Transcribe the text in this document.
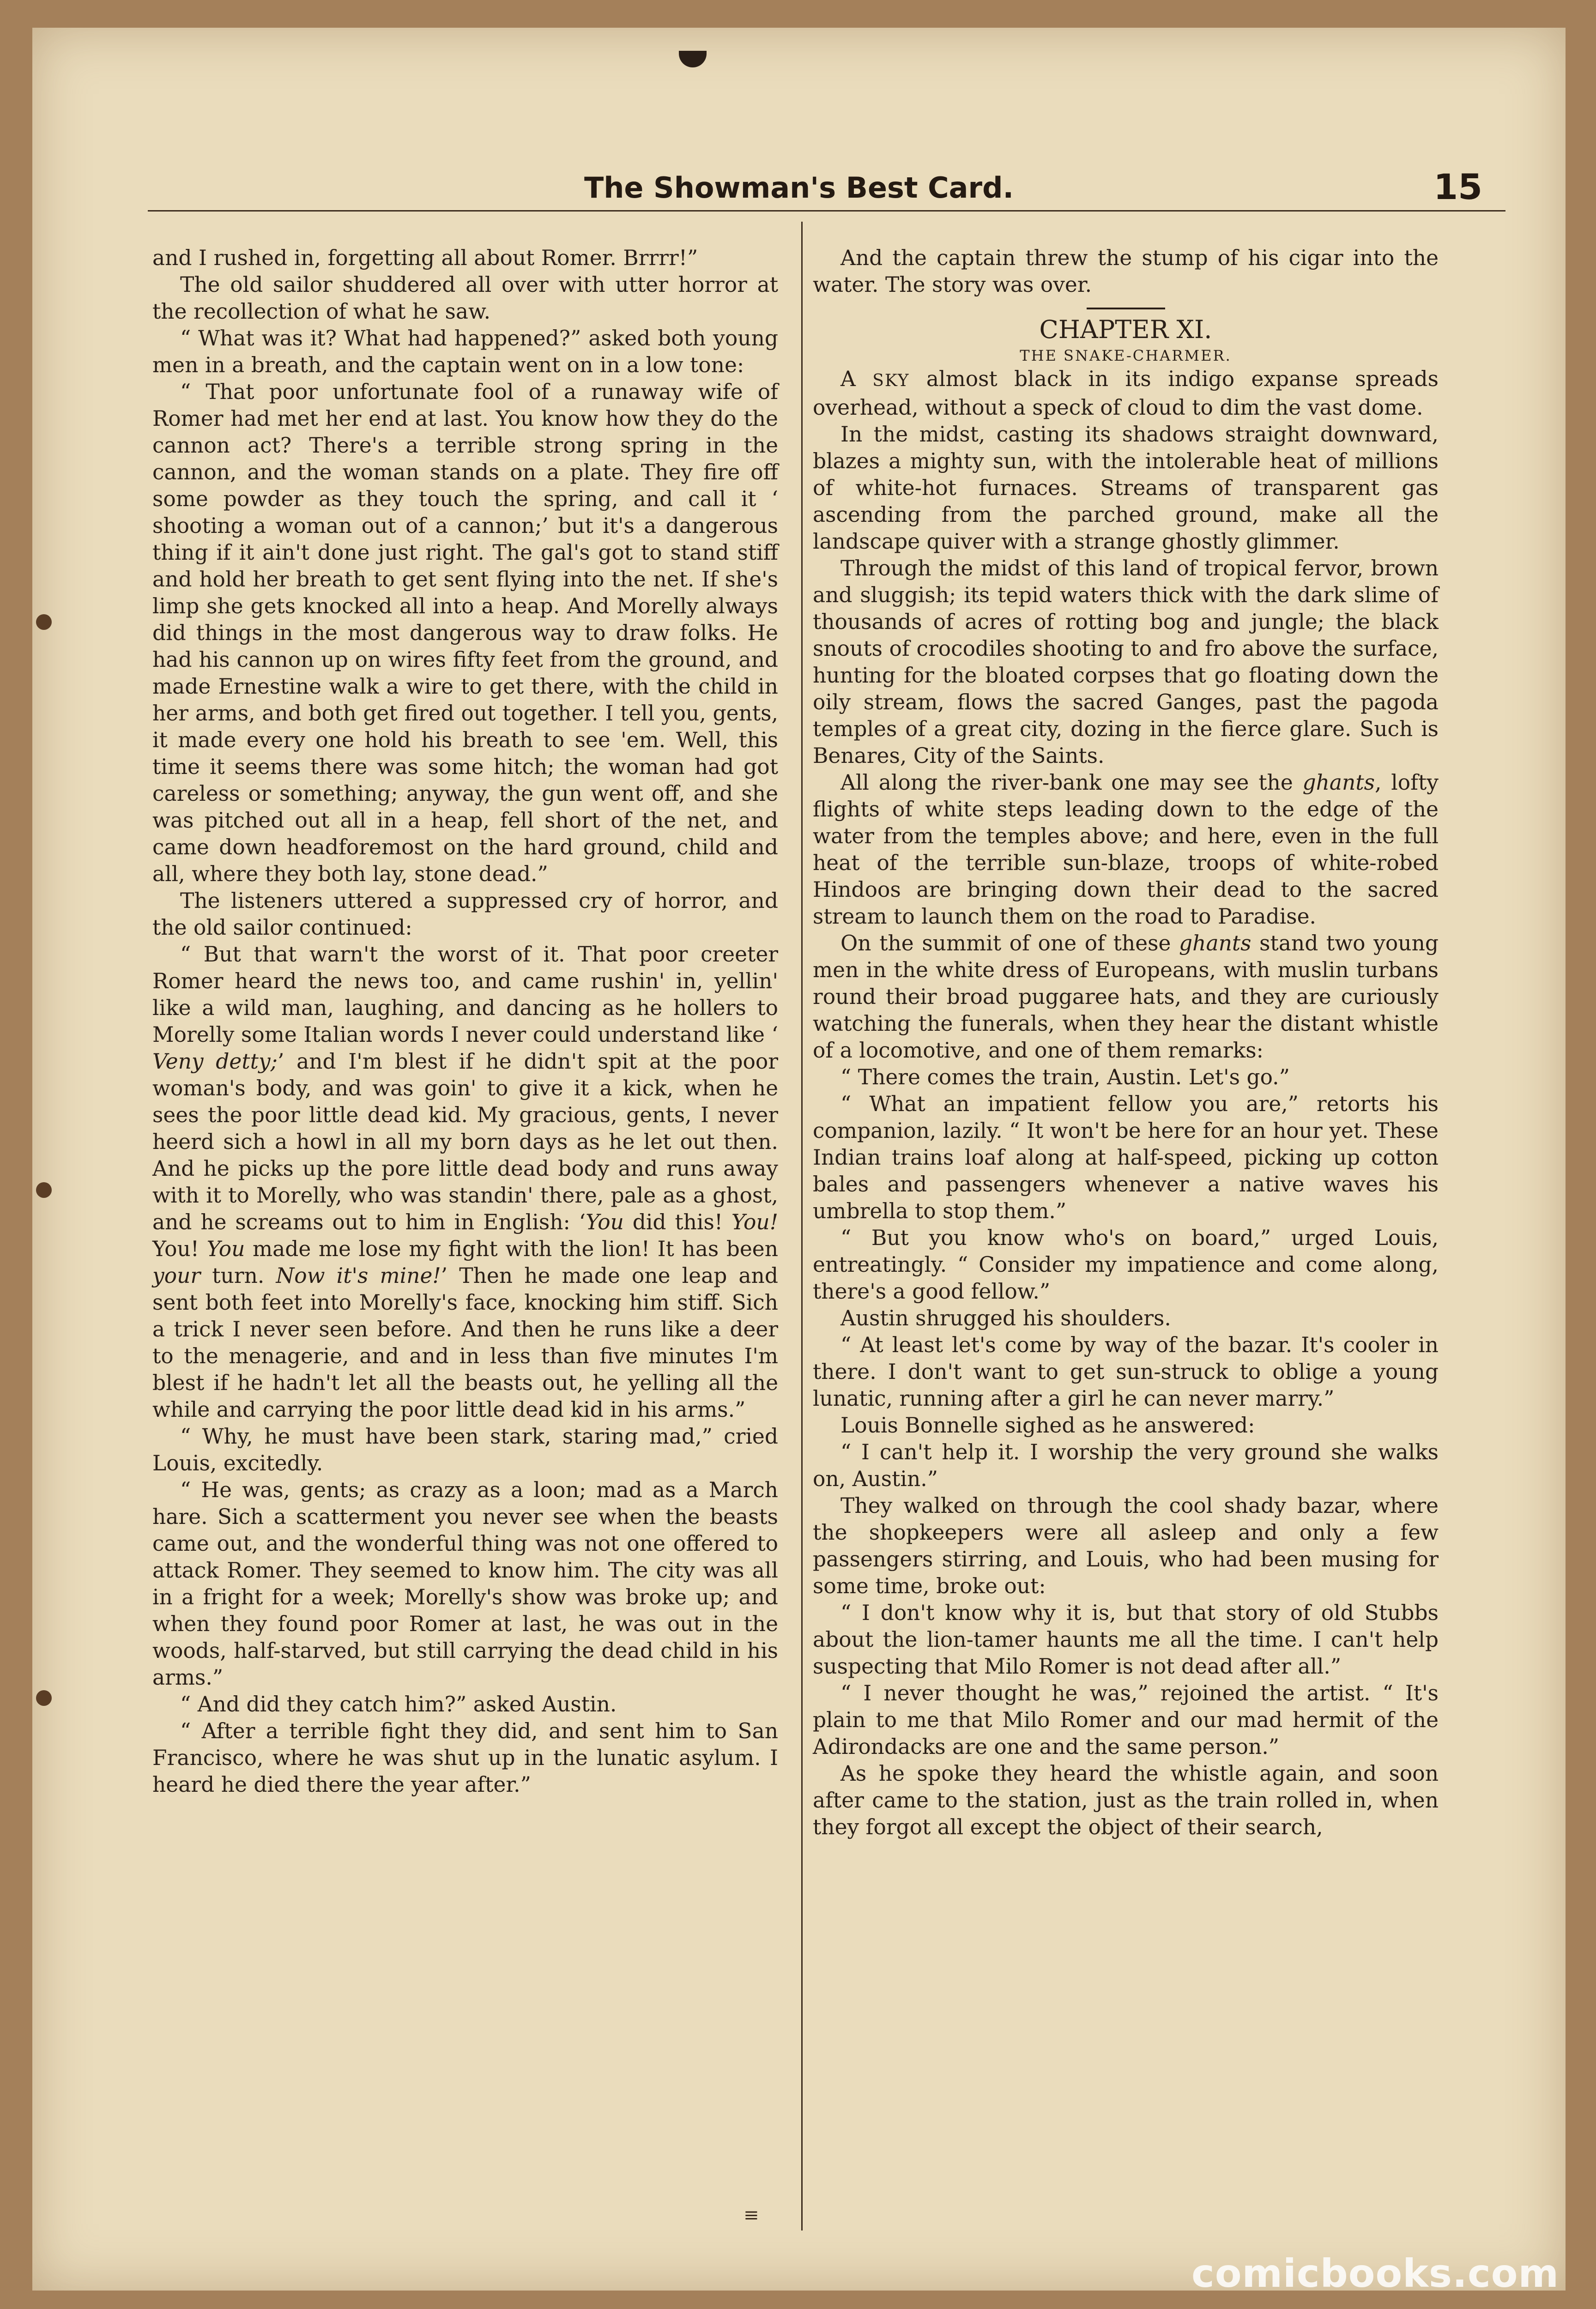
The Showman's Best Card.	15

and I rushed in, forgetting all about Romer. Brrrr!”

The old sailor shuddered all over with utter horror at the recollection of what he saw.

“ What was it? What had happened?” asked both young men in a breath, and the captain went on in a low tone:

“ That poor unfortunate fool of a runaway wife of Romer had met her end at last. You know how they do the cannon act? There's a terrible strong spring in the cannon, and the woman stands on a plate. They fire off some powder as they touch the spring, and call it ‘ shooting a woman out of a cannon;’ but it's a dangerous thing if it ain't done just right. The gal's got to stand stiff and hold her breath to get sent flying into the net. If she's limp she gets knocked all into a heap. And Morelly always did things in the most dangerous way to draw folks. He had his cannon up on wires fifty feet from the ground, and made Ernestine walk a wire to get there, with the child in her arms, and both get fired out together. I tell you, gents, it made every one hold his breath to see 'em. Well, this time it seems there was some hitch; the woman had got careless or something; anyway, the gun went off, and she was pitched out all in a heap, fell short of the net, and came down headforemost on the hard ground, child and all, where they both lay, stone dead.”

The listeners uttered a suppressed cry of horror, and the old sailor continued:

“ But that warn't the worst of it. That poor creeter Romer heard the news too, and came rushin' in, yellin' like a wild man, laughing, and dancing as he hollers to Morelly some Italian words I never could understand like ‘ Veny detty;’ and I'm blest if he didn't spit at the poor woman's body, and was goin' to give it a kick, when he sees the poor little dead kid. My gracious, gents, I never heerd sich a howl in all my born days as he let out then. And he picks up the pore little dead body and runs away with it to Morelly, who was standin' there, pale as a ghost, and he screams out to him in English: ‘You did this! You! You! You made me lose my fight with the lion! It has been your turn. Now it's mine!’ Then he made one leap and sent both feet into Morelly's face, knocking him stiff. Sich a trick I never seen before. And then he runs like a deer to the menagerie, and and in less than five minutes I'm blest if he hadn't let all the beasts out, he yelling all the while and carrying the poor little dead kid in his arms.”

“ Why, he must have been stark, staring mad,” cried Louis, excitedly.

“ He was, gents; as crazy as a loon; mad as a March hare. Sich a scatterment you never see when the beasts came out, and the wonderful thing was not one offered to attack Romer. They seemed to know him. The city was all in a fright for a week; Morelly's show was broke up; and when they found poor Romer at last, he was out in the woods, half-starved, but still carrying the dead child in his arms.”

“ And did they catch him?” asked Austin.

“ After a terrible fight they did, and sent him to San Francisco, where he was shut up in the lunatic asylum. I heard he died there the year after.”

And the captain threw the stump of his cigar into the water. The story was over.

CHAPTER XI.

THE SNAKE-CHARMER.

A SKY almost black in its indigo expanse spreads overhead, without a speck of cloud to dim the vast dome.

In the midst, casting its shadows straight downward, blazes a mighty sun, with the intolerable heat of millions of white-hot furnaces. Streams of transparent gas ascending from the parched ground, make all the landscape quiver with a strange ghostly glimmer.

Through the midst of this land of tropical fervor, brown and sluggish; its tepid waters thick with the dark slime of thousands of acres of rotting bog and jungle; the black snouts of crocodiles shooting to and fro above the surface, hunting for the bloated corpses that go floating down the oily stream, flows the sacred Ganges, past the pagoda temples of a great city, dozing in the fierce glare. Such is Benares, City of the Saints.

All along the river-bank one may see the ghants, lofty flights of white steps leading down to the edge of the water from the temples above; and here, even in the full heat of the terrible sun-blaze, troops of white-robed Hindoos are bringing down their dead to the sacred stream to launch them on the road to Paradise.

On the summit of one of these ghants stand two young men in the white dress of Europeans, with muslin turbans round their broad puggaree hats, and they are curiously watching the funerals, when they hear the distant whistle of a locomotive, and one of them remarks:

“ There comes the train, Austin. Let's go.”

“ What an impatient fellow you are,” retorts his companion, lazily. “ It won't be here for an hour yet. These Indian trains loaf along at half-speed, picking up cotton bales and passengers whenever a native waves his umbrella to stop them.”

“ But you know who's on board,” urged Louis, entreatingly. “ Consider my impatience and come along, there's a good fellow.”

Austin shrugged his shoulders.

“ At least let's come by way of the bazar. It's cooler in there. I don't want to get sun-struck to oblige a young lunatic, running after a girl he can never marry.”

Louis Bonnelle sighed as he answered:

“ I can't help it. I worship the very ground she walks on, Austin.”

They walked on through the cool shady bazar, where the shopkeepers were all asleep and only a few passengers stirring, and Louis, who had been musing for some time, broke out:

“ I don't know why it is, but that story of old Stubbs about the lion-tamer haunts me all the time. I can't help suspecting that Milo Romer is not dead after all.”

“ I never thought he was,” rejoined the artist. “ It's plain to me that Milo Romer and our mad hermit of the Adirondacks are one and the same person.”

As he spoke they heard the whistle again, and soon after came to the station, just as the train rolled in, when they forgot all except the object of their search,

≡
comicbooks.com
